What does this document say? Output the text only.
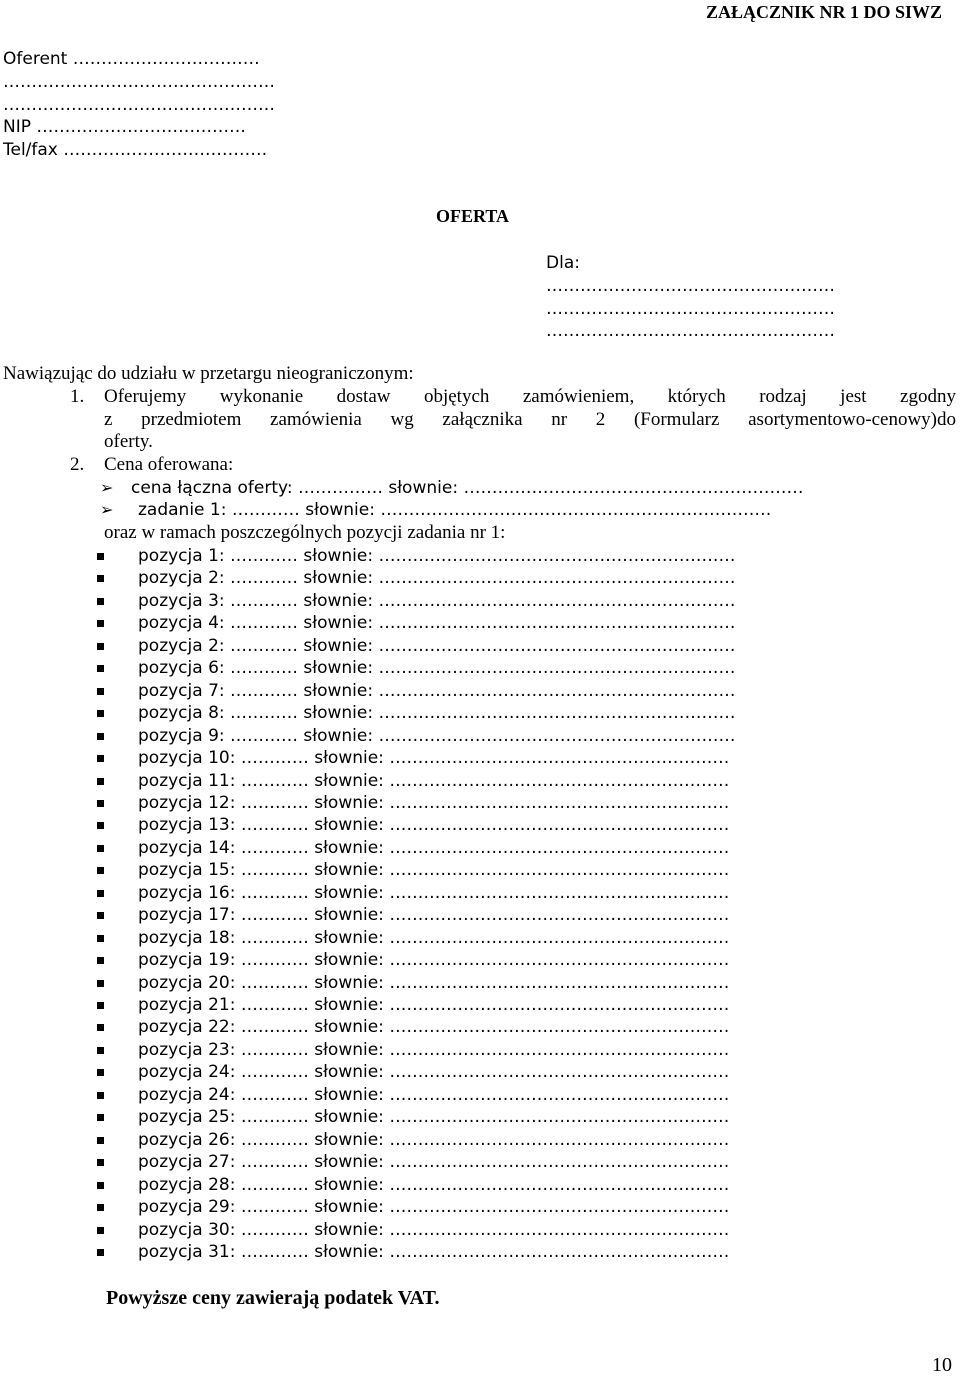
ZAŁĄCZNIK NR 1 DO SIWZ
Oferent ……………………………
…………………………………………
…………………………………………
NIP ……………………………….
Tel/fax ………………………………
OFERTA
Dla:
……………………………………………
……………………………………………
……………………………………………
Nawiązując do udziału w przetargu nieograniczonym:
1. Oferujemy wykonanie dostaw objętych zamówieniem, których rodzaj jest zgodny
z przedmiotem zamówienia wg załącznika nr 2 (Formularz asortymentowo-cenowy)do
oferty.
2. Cena oferowana:
➢ cena łączna oferty: …………… słownie: ……………………………………………………
➢ zadanie 1: ………… słownie: ……………………………………………………………
oraz w ramach poszczególnych pozycji zadania nr 1:
pozycja 1: ………… słownie: ………………………………………………………
pozycja 2: ………… słownie: ………………………………………………………
pozycja 3: ………… słownie: ………………………………………………………
pozycja 4: ………… słownie: ………………………………………………………
pozycja 2: ………… słownie: ………………………………………………………
pozycja 6: ………… słownie: ………………………………………………………
pozycja 7: ………… słownie: ………………………………………………………
pozycja 8: ………… słownie: ………………………………………………………
pozycja 9: ………… słownie: ………………………………………………………
pozycja 10: ………… słownie: ……………………………………………………
pozycja 11: ………… słownie: ……………………………………………………
pozycja 12: ………… słownie: ……………………………………………………
pozycja 13: ………… słownie: ……………………………………………………
pozycja 14: ………… słownie: ……………………………………………………
pozycja 15: ………… słownie: ……………………………………………………
pozycja 16: ………… słownie: ……………………………………………………
pozycja 17: ………… słownie: ……………………………………………………
pozycja 18: ………… słownie: ……………………………………………………
pozycja 19: ………… słownie: ……………………………………………………
pozycja 20: ………… słownie: ……………………………………………………
pozycja 21: ………… słownie: ……………………………………………………
pozycja 22: ………… słownie: ……………………………………………………
pozycja 23: ………… słownie: ……………………………………………………
pozycja 24: ………… słownie: ……………………………………………………
pozycja 24: ………… słownie: ……………………………………………………
pozycja 25: ………… słownie: ……………………………………………………
pozycja 26: ………… słownie: ……………………………………………………
pozycja 27: ………… słownie: ……………………………………………………
pozycja 28: ………… słownie: ……………………………………………………
pozycja 29: ………… słownie: ……………………………………………………
pozycja 30: ………… słownie: ……………………………………………………
pozycja 31: ………… słownie: ……………………………………………………
Powyższe ceny zawierają podatek VAT.
10
